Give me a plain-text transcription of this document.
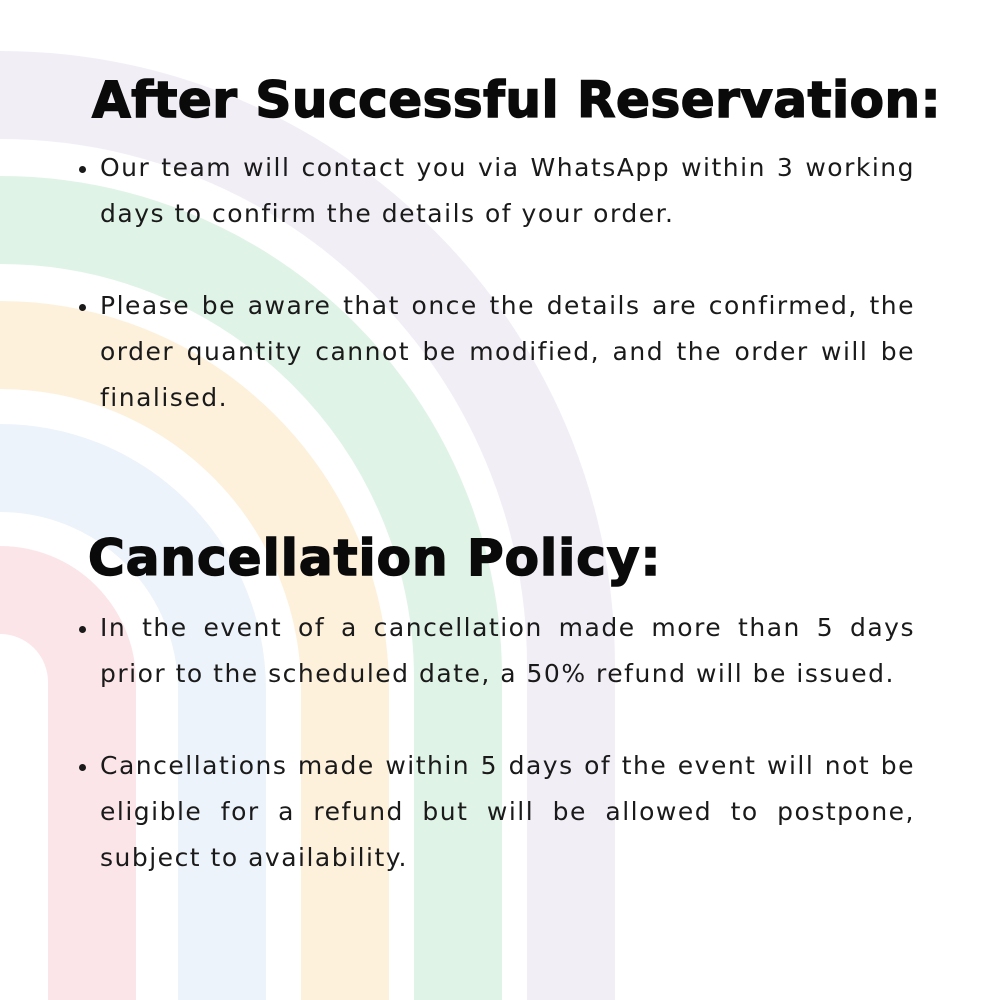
After Successful Reservation:
Our team will contact you via WhatsApp within 3 working days to confirm the details of your order.
Please be aware that once the details are confirmed, the order quantity cannot be modified, and the order will be finalised.
Cancellation Policy:
In the event of a cancellation made more than 5 days prior to the scheduled date, a 50% refund will be issued.
Cancellations made within 5 days of the event will not be eligible for a refund but will be allowed to postpone, subject to availability.
